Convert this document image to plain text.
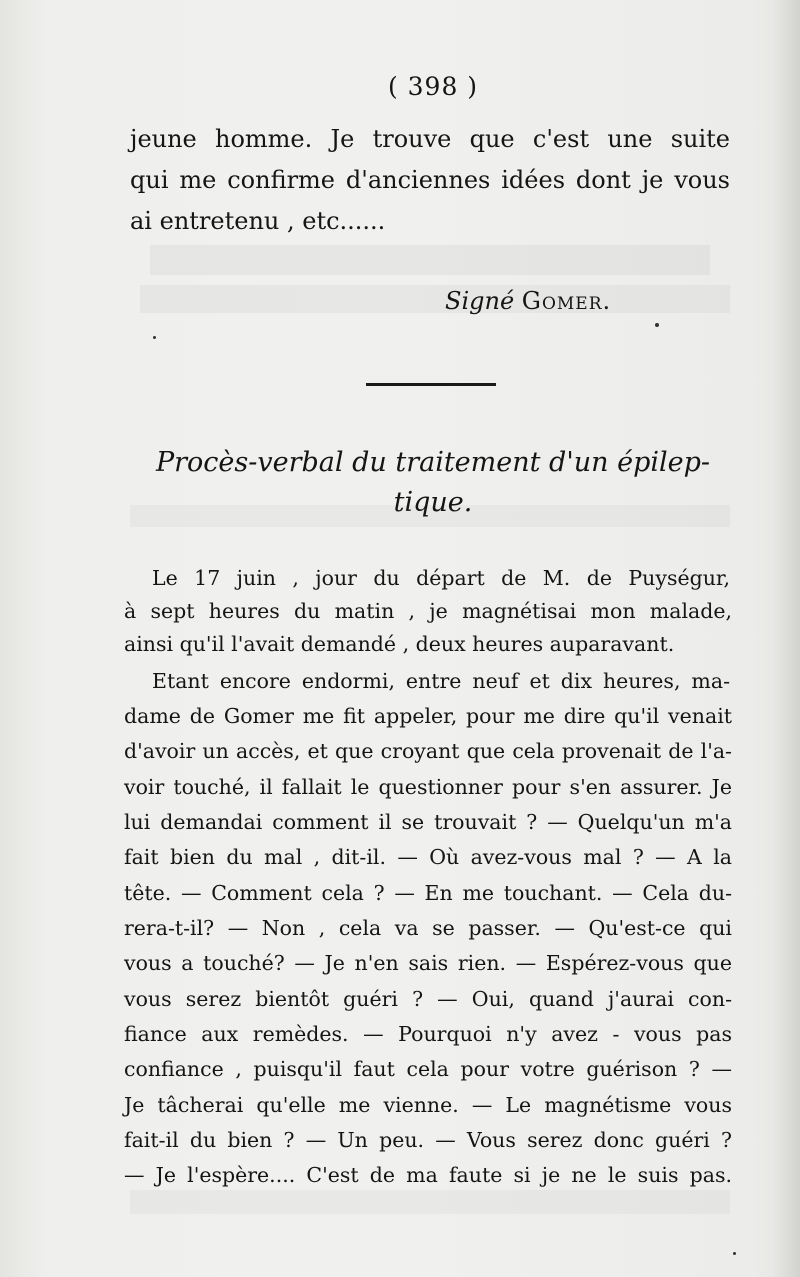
( 398 )
jeune homme. Je trouve que c'est une suite
qui me confirme d'anciennes idées dont je vous
ai entretenu , etc......
Signé Gomer.
Procès-verbal du traitement d'un épilep-
tique.
Le 17 juin , jour du départ de M. de Puységur,
à sept heures du matin , je magnétisai mon malade,
ainsi qu'il l'avait demandé , deux heures auparavant.
Etant encore endormi, entre neuf et dix heures, ma-
dame de Gomer me fit appeler, pour me dire qu'il venait
d'avoir un accès, et que croyant que cela provenait de l'a-
voir touché, il fallait le questionner pour s'en assurer. Je
lui demandai comment il se trouvait ? — Quelqu'un m'a
fait bien du mal , dit-il. — Où avez-vous mal ? — A la
tête. — Comment cela ? — En me touchant. — Cela du-
rera-t-il? — Non , cela va se passer. — Qu'est-ce qui
vous a touché? — Je n'en sais rien. — Espérez-vous que
vous serez bientôt guéri ? — Oui, quand j'aurai con-
fiance aux remèdes. — Pourquoi n'y avez - vous pas
confiance , puisqu'il faut cela pour votre guérison ? —
Je tâcherai qu'elle me vienne. — Le magnétisme vous
fait-il du bien ? — Un peu. — Vous serez donc guéri ?
— Je l'espère.... C'est de ma faute si je ne le suis pas.
